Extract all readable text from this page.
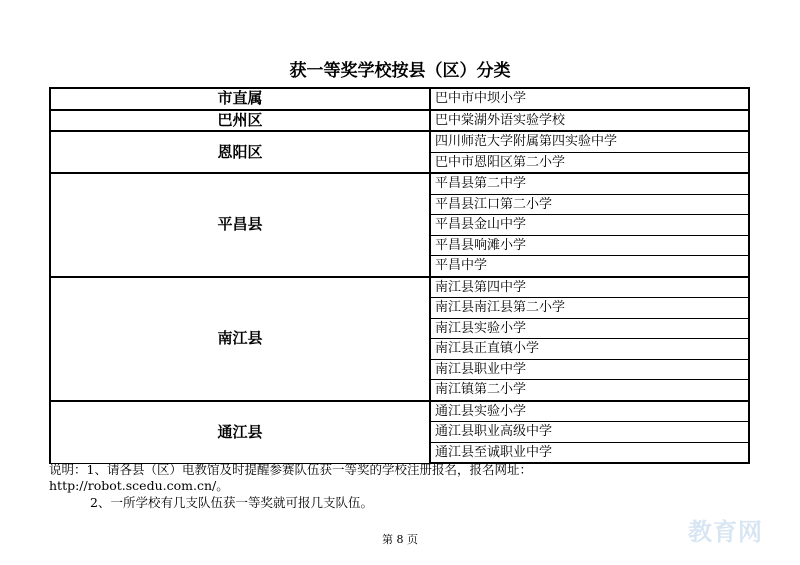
获一等奖学校按县（区）分类
市直属	巴中市中坝小学
巴州区	巴中棠湖外语实验学校
恩阳区	四川师范大学附属第四实验中学
	巴中市恩阳区第二小学
平昌县	平昌县第二中学
	平昌县江口第二小学
	平昌县金山中学
	平昌县响滩小学
	平昌中学
南江县	南江县第四中学
	南江县南江县第二小学
	南江县实验小学
	南江县正直镇小学
	南江县职业中学
	南江镇第二小学
通江县	通江县实验小学
	通江县职业高级中学
	通江县至诚职业中学
说明：1、请各县（区）电教馆及时提醒参赛队伍获一等奖的学校注册报名，报名网址：
http://robot.scedu.com.cn/。
2、一所学校有几支队伍获一等奖就可报几支队伍。
第 8 页	教育网
